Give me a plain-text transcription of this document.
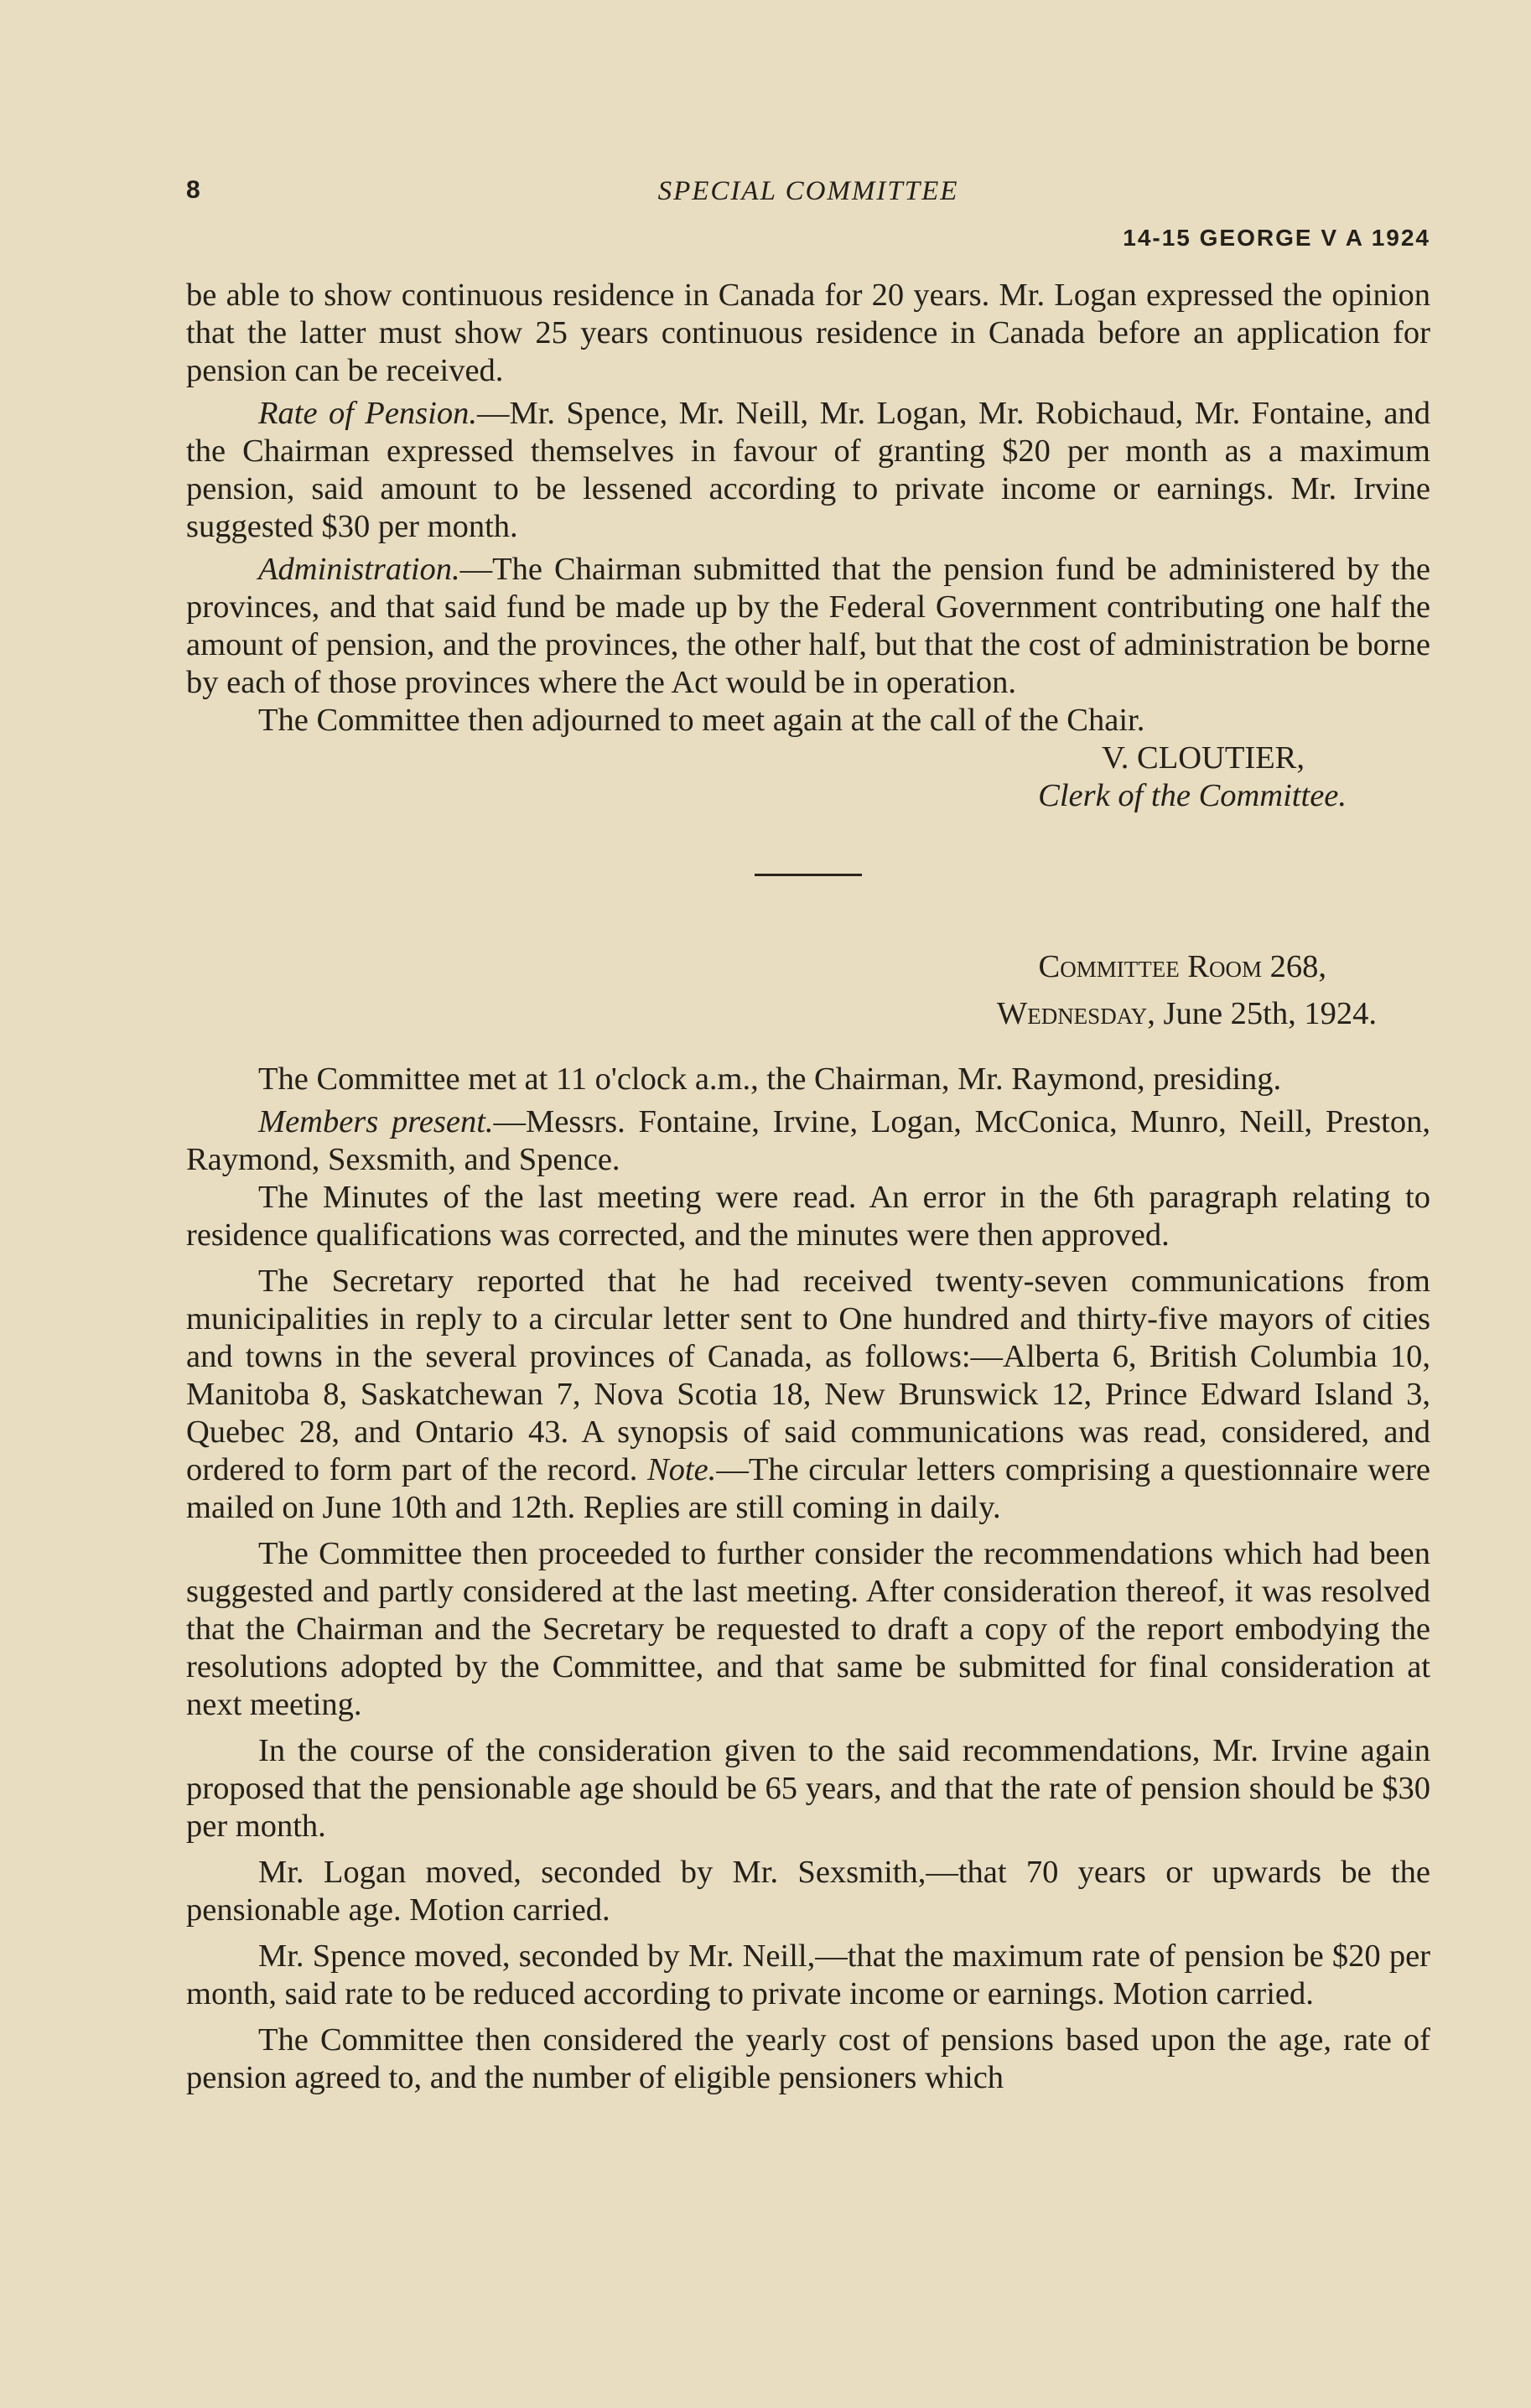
8	SPECIAL COMMITTEE
14-15 GEORGE V A 1924

be able to show continuous residence in Canada for 20 years. Mr. Logan expressed the opinion that the latter must show 25 years continuous residence in Canada before an application for pension can be received.

Rate of Pension.—Mr. Spence, Mr. Neill, Mr. Logan, Mr. Robichaud, Mr. Fontaine, and the Chairman expressed themselves in favour of granting $20 per month as a maximum pension, said amount to be lessened according to private income or earnings. Mr. Irvine suggested $30 per month.

Administration.—The Chairman submitted that the pension fund be administered by the provinces, and that said fund be made up by the Federal Government contributing one half the amount of pension, and the provinces, the other half, but that the cost of administration be borne by each of those provinces where the Act would be in operation.

The Committee then adjourned to meet again at the call of the Chair.

V. CLOUTIER,
Clerk of the Committee.
Committee Room 268,
Wednesday, June 25th, 1924.

The Committee met at 11 o'clock a.m., the Chairman, Mr. Raymond, presiding.

Members present.—Messrs. Fontaine, Irvine, Logan, McConica, Munro, Neill, Preston, Raymond, Sexsmith, and Spence.

The Minutes of the last meeting were read. An error in the 6th paragraph relating to residence qualifications was corrected, and the minutes were then approved.

The Secretary reported that he had received twenty-seven communications from municipalities in reply to a circular letter sent to One hundred and thirty-five mayors of cities and towns in the several provinces of Canada, as follows:—Alberta 6, British Columbia 10, Manitoba 8, Saskatchewan 7, Nova Scotia 18, New Brunswick 12, Prince Edward Island 3, Quebec 28, and Ontario 43. A synopsis of said communications was read, considered, and ordered to form part of the record. Note.—The circular letters comprising a questionnaire were mailed on June 10th and 12th. Replies are still coming in daily.

The Committee then proceeded to further consider the recommendations which had been suggested and partly considered at the last meeting. After consideration thereof, it was resolved that the Chairman and the Secretary be requested to draft a copy of the report embodying the resolutions adopted by the Committee, and that same be submitted for final consideration at next meeting.

In the course of the consideration given to the said recommendations, Mr. Irvine again proposed that the pensionable age should be 65 years, and that the rate of pension should be $30 per month.

Mr. Logan moved, seconded by Mr. Sexsmith,—that 70 years or upwards be the pensionable age. Motion carried.

Mr. Spence moved, seconded by Mr. Neill,—that the maximum rate of pension be $20 per month, said rate to be reduced according to private income or earnings. Motion carried.

The Committee then considered the yearly cost of pensions based upon the age, rate of pension agreed to, and the number of eligible pensioners which
